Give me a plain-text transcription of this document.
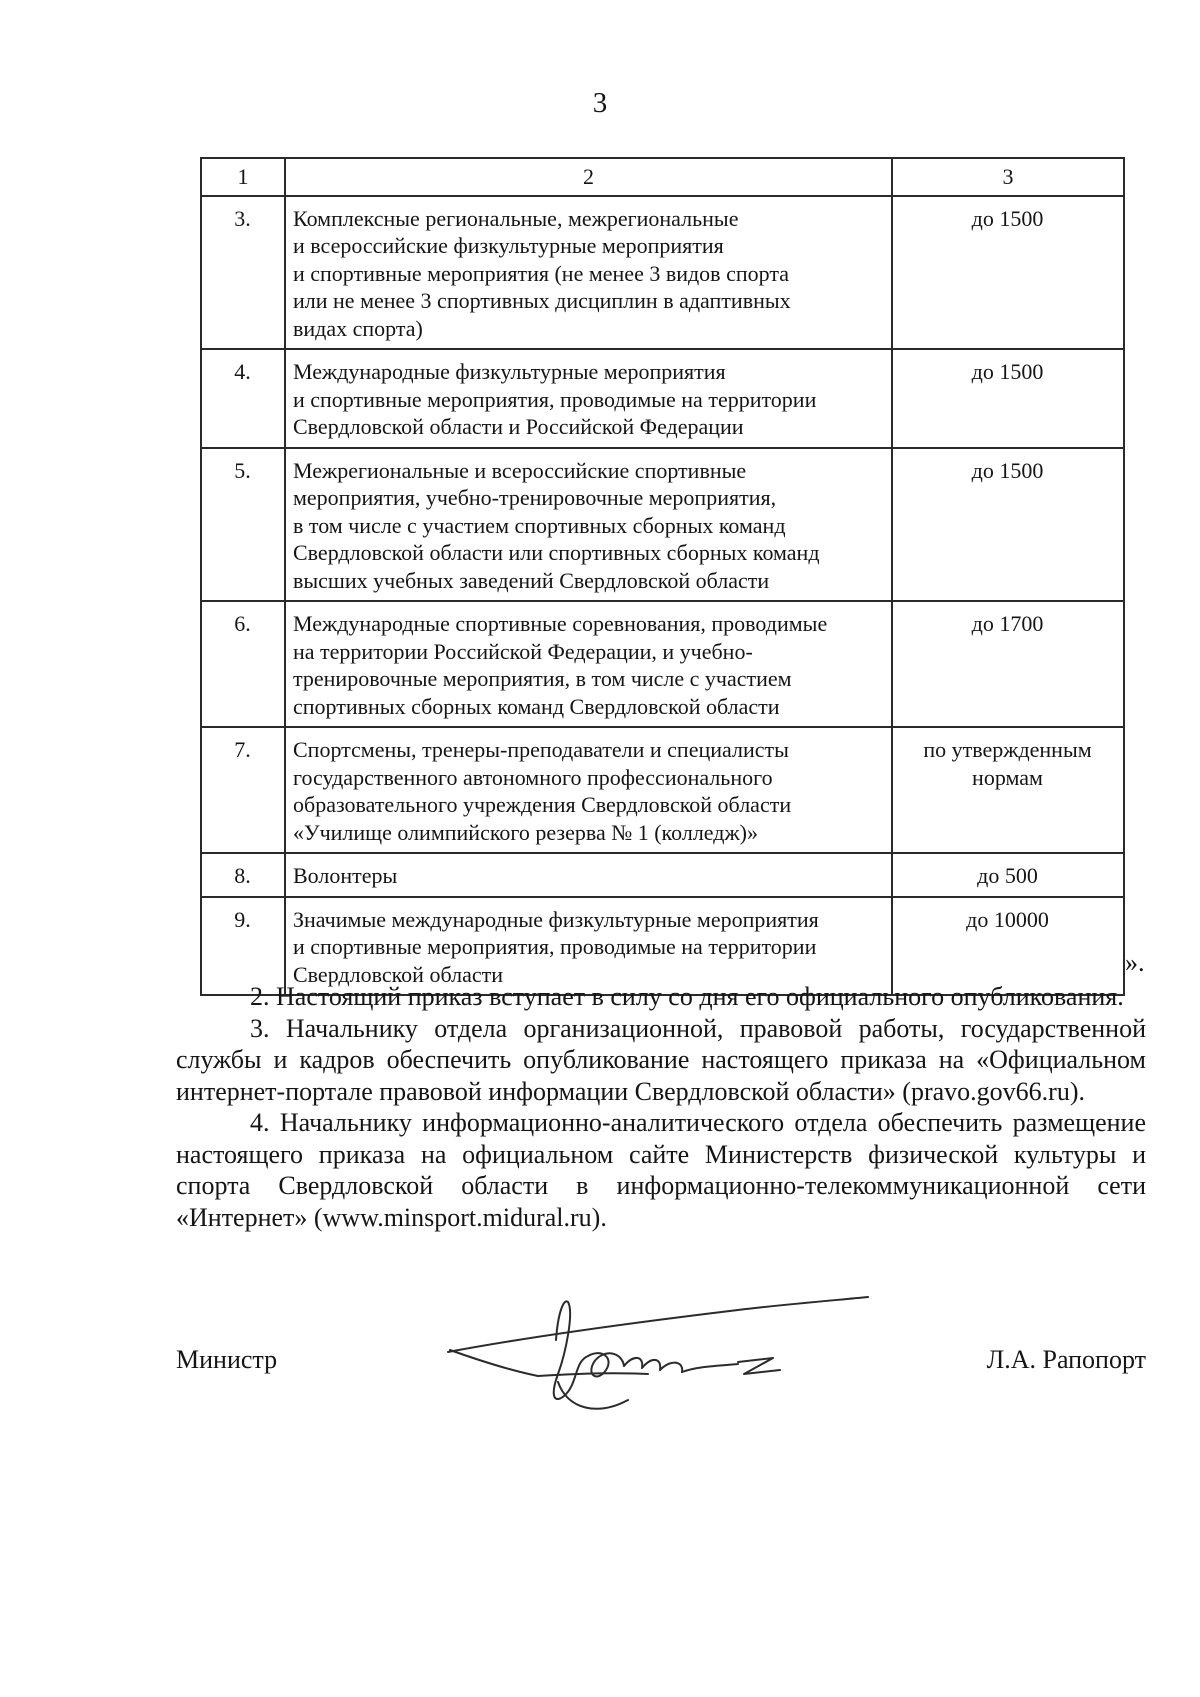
3
1	2	3
3.	Комплексные региональные, межрегиональные
и всероссийские физкультурные мероприятия
и спортивные мероприятия (не менее 3 видов спорта
или не менее 3 спортивных дисциплин в адаптивных
видах спорта)	до 1500
4.	Международные физкультурные мероприятия
и спортивные мероприятия, проводимые на территории
Свердловской области и Российской Федерации	до 1500
5.	Межрегиональные и всероссийские спортивные
мероприятия, учебно-тренировочные мероприятия,
в том числе с участием спортивных сборных команд
Свердловской области или спортивных сборных команд
высших учебных заведений Свердловской области	до 1500
6.	Международные спортивные соревнования, проводимые
на территории Российской Федерации, и учебно-
тренировочные мероприятия, в том числе с участием
спортивных сборных команд Свердловской области	до 1700
7.	Спортсмены, тренеры-преподаватели и специалисты
государственного автономного профессионального
образовательного учреждения Свердловской области
«Училище олимпийского резерва № 1 (колледж)»	по утвержденным
нормам
8.	Волонтеры	до 500
9.	Значимые международные физкультурные мероприятия
и спортивные мероприятия, проводимые на территории
Свердловской области	до 10000
».

2. Настоящий приказ вступает в силу со дня его официального опубликования.

3. Начальнику отдела организационной, правовой работы, государственной службы и кадров обеспечить опубликование настоящего приказа на «Официальном интернет-портале правовой информации Свердловской области» (pravo.gov66.ru).

4. Начальнику информационно-аналитического отдела обеспечить размещение настоящего приказа на официальном сайте Министерств физической культуры и спорта Свердловской области в информационно-телекоммуникационной сети «Интернет» (www.minsport.midural.ru).

Министр	Л.А. Рапопорт
